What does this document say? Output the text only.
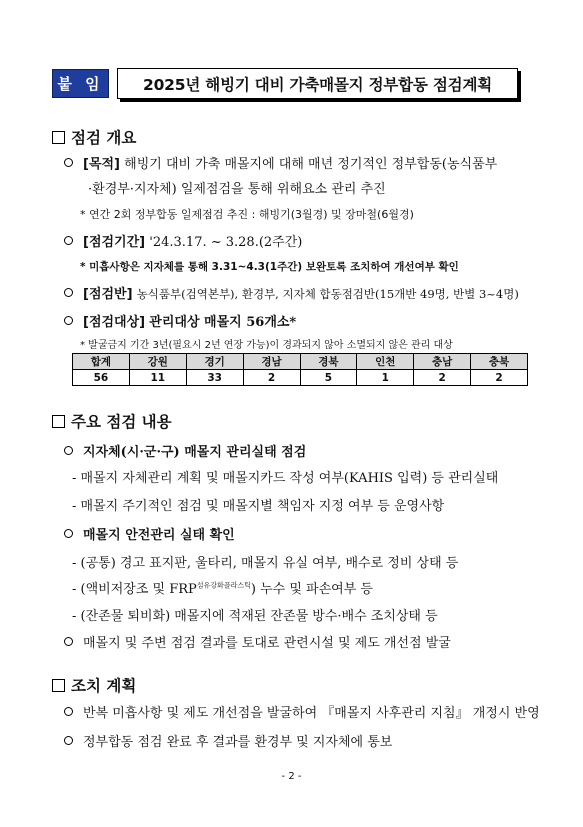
붙 임	2025년 해빙기 대비 가축매몰지 정부합동 점검계획
점검 개요
[목적] 해빙기 대비 가축 매몰지에 대해 매년 정기적인 정부합동(농식품부
·환경부·지자체) 일제점검을 통해 위해요소 관리 추진
* 연간 2회 정부합동 일제점검 추진 : 해빙기(3월경) 및 장마철(6월경)
[점검기간] '24.3.17. ~ 3.28.(2주간)
* 미흡사항은 지자체를 통해 3.31~4.3(1주간) 보완토록 조치하여 개선여부 확인
[점검반] 농식품부(검역본부), 환경부, 지자체 합동점검반(15개반 49명, 반별 3~4명)
[점검대상] 관리대상 매몰지 56개소*
* 발굴금지 기간 3년(필요시 2년 연장 가능)이 경과되지 않아 소멸되지 않은 관리 대상
합계	강원	경기	경남	경북	인천	충남	충북
56	11	33	2	5	1	2	2
주요 점검 내용
지자체(시·군·구) 매몰지 관리실태 점검
- 매몰지 자체관리 계획 및 매몰지카드 작성 여부(KAHIS 입력) 등 관리실태
- 매몰지 주기적인 점검 및 매몰지별 책임자 지정 여부 등 운영사항
매몰지 안전관리 실태 확인
- (공통) 경고 표지판, 울타리, 매몰지 유실 여부, 배수로 정비 상태 등
- (액비저장조 및 $FRP^{섬유강화플라스틱}$) 누수 및 파손여부 등
- (잔존물 퇴비화) 매몰지에 적재된 잔존물 방수·배수 조치상태 등
매몰지 및 주변 점검 결과를 토대로 관련시설 및 제도 개선점 발굴
조치 계획
반복 미흡사항 및 제도 개선점을 발굴하여 『매몰지 사후관리 지침』 개정시 반영
정부합동 점검 완료 후 결과를 환경부 및 지자체에 통보
- 2 -
